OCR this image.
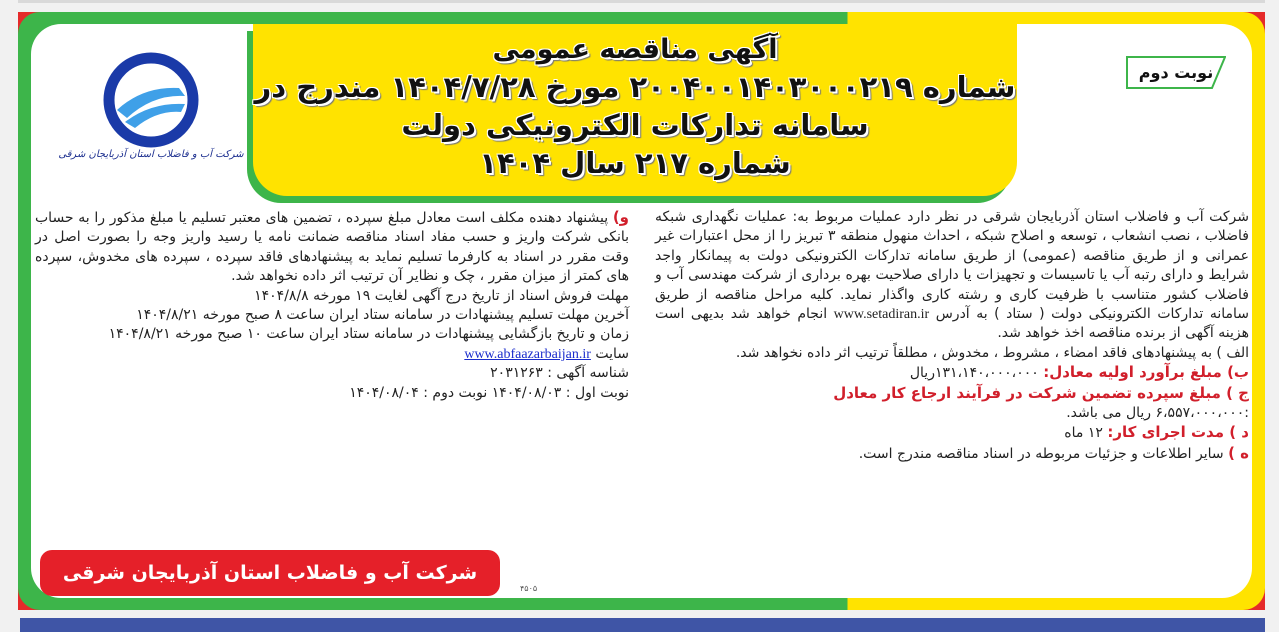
شرکت آب و فاضلاب استان آذربایجان شرقی
آگهی مناقصه عمومی
شماره ۲۰۰۴۰۰۱۴۰۳۰۰۰۲۱۹ مورخ ۱۴۰۴/۷/۲۸ مندرج در
سامانه تدارکات الکترونیکی دولت
شماره ۲۱۷ سال ۱۴۰۴
نوبت دوم

شرکت آب و فاضلاب استان آذربایجان شرقی در نظر دارد عملیات مربوط به: عملیات نگهداری شبکه فاضلاب ، نصب انشعاب ، توسعه و اصلاح شبکه ، احداث منهول منطقه ۳ تبریز را از محل اعتبارات غیر عمرانی و از طریق مناقصه (عمومی) از طریق سامانه تدارکات الکترونیکی دولت به پیمانکار واجد شرایط و دارای رتبه آب یا تاسیسات و تجهیزات یا دارای صلاحیت بهره برداری از شرکت مهندسی آب و فاضلاب کشور متناسب با ظرفیت کاری و رشته کاری واگذار نماید. کلیه مراحل مناقصه از طریق سامانه تدارکات الکترونیکی دولت ( ستاد ) به آدرس www.setadiran.ir انجام خواهد شد بدیهی است هزینه آگهی از برنده مناقصه اخذ خواهد شد.

الف ) به پیشنهادهای فاقد امضاء ، مشروط ، مخدوش ، مطلقاً ترتیب اثر داده نخواهد شد.

ب) مبلغ برآورد اولیه معادل: ۱۳۱،۱۴۰،۰۰۰،۰۰۰ریال

ج ) مبلغ سپرده تضمین شرکت در فرآیند ارجاع کار معادل
:۶،۵۵۷،۰۰۰،۰۰۰ ریال می باشد.

د ) مدت اجرای کار: ۱۲ ماه

ه ) سایر اطلاعات و جزئیات مربوطه در اسناد مناقصه مندرج است.

و) پیشنهاد دهنده مکلف است معادل مبلغ سپرده ، تضمین های معتبر تسلیم یا مبلغ مذکور را به حساب بانکی شرکت واریز و حسب مفاد اسناد مناقصه ضمانت نامه یا رسید واریز وجه را بصورت اصل در وقت مقرر در اسناد به کارفرما تسلیم نماید به پیشنهادهای فاقد سپرده ، سپرده های مخدوش، سپرده های کمتر از میزان مقرر ، چک و نظایر آن ترتیب اثر داده نخواهد شد.

مهلت فروش اسناد از تاریخ درج آگهی لغایت ۱۹ مورخه ۱۴۰۴/۸/۸

آخرین مهلت تسلیم پیشنهادات در سامانه ستاد ایران ساعت ۸ صبح مورخه ۱۴۰۴/۸/۲۱

زمان و تاریخ بازگشایی پیشنهادات در سامانه ستاد ایران ساعت ۱۰ صبح مورخه ۱۴۰۴/۸/۲۱

سایت www.abfaazarbaijan.ir

شناسه آگهی : ۲۰۳۱۲۶۳

نوبت اول : ۱۴۰۴/۰۸/۰۳ نوبت دوم : ۱۴۰۴/۰۸/۰۴

شرکت آب و فاضلاب استان آذربایجان شرقی
۴۵۰۵
